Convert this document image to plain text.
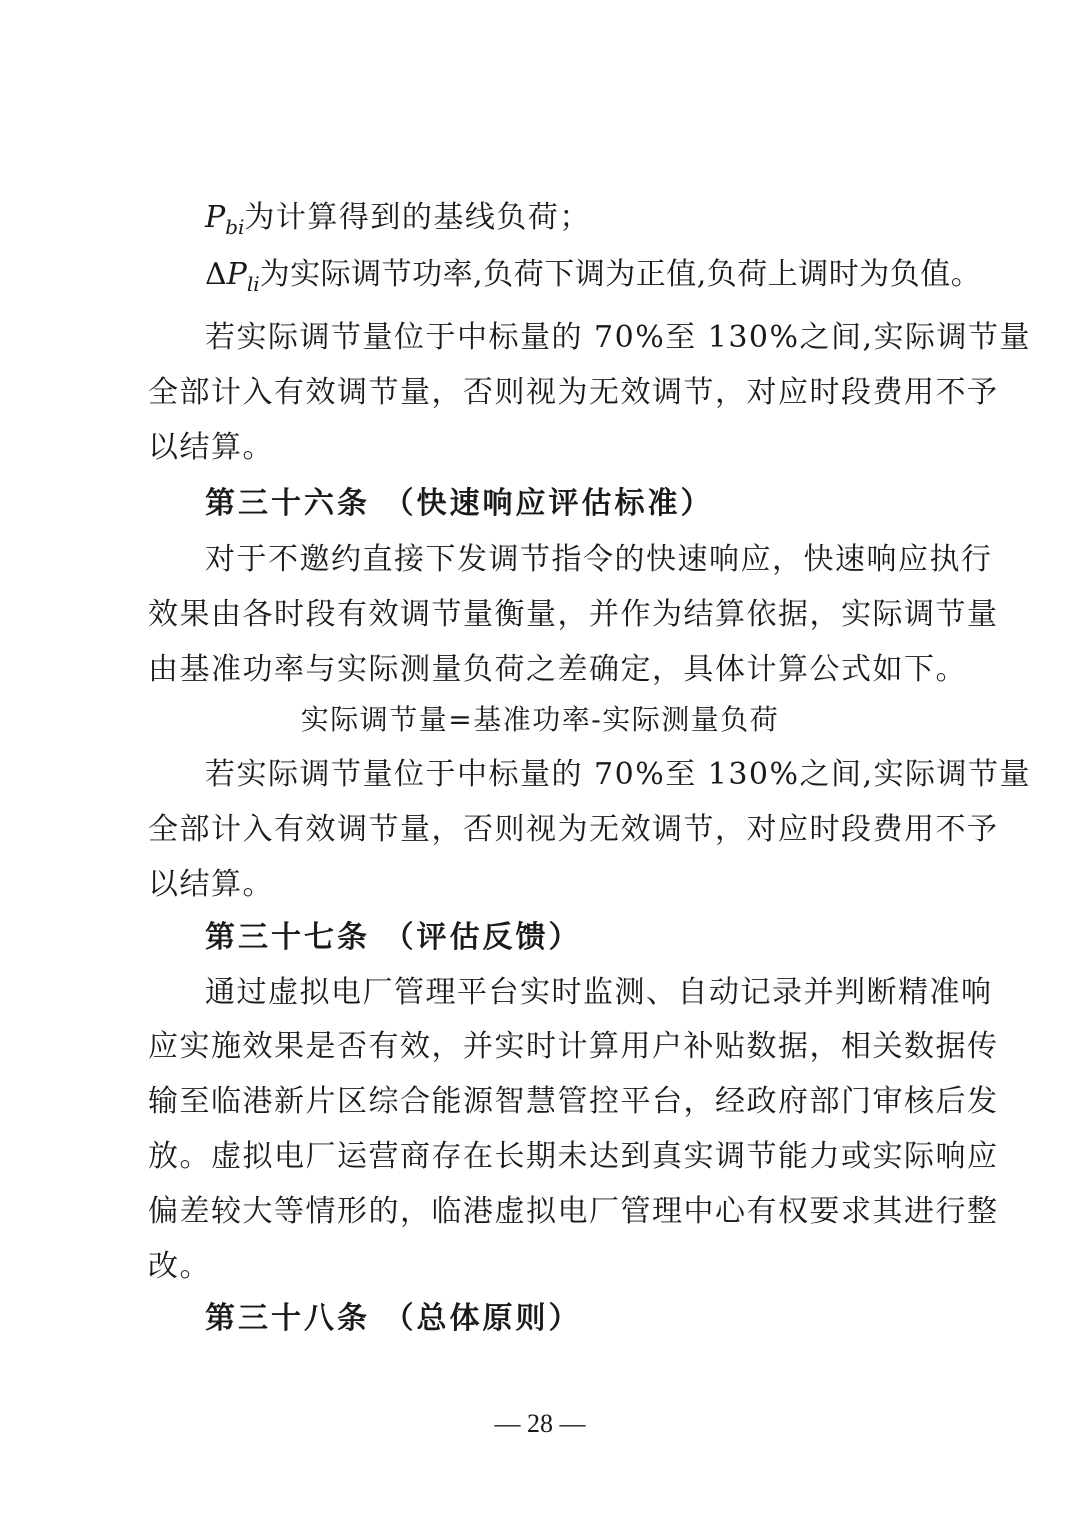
$P_{bi}$为计算得到的基线负荷；
$\Delta P_{li}$为实际调节功率,负荷下调为正值,负荷上调时为负值。
若实际调节量位于中标量的 70%至 130%之间,实际调节量
全部计入有效调节量，否则视为无效调节，对应时段费用不予
以结算。
第三十六条 （快速响应评估标准）
对于不邀约直接下发调节指令的快速响应，快速响应执行
效果由各时段有效调节量衡量，并作为结算依据，实际调节量
由基准功率与实际测量负荷之差确定，具体计算公式如下。
实际调节量=基准功率-实际测量负荷
若实际调节量位于中标量的 70%至 130%之间,实际调节量
全部计入有效调节量，否则视为无效调节，对应时段费用不予
以结算。
第三十七条 （评估反馈）
通过虚拟电厂管理平台实时监测、自动记录并判断精准响
应实施效果是否有效，并实时计算用户补贴数据，相关数据传
输至临港新片区综合能源智慧管控平台，经政府部门审核后发
放。虚拟电厂运营商存在长期未达到真实调节能力或实际响应
偏差较大等情形的，临港虚拟电厂管理中心有权要求其进行整
改。
第三十八条 （总体原则）
— 28 —
